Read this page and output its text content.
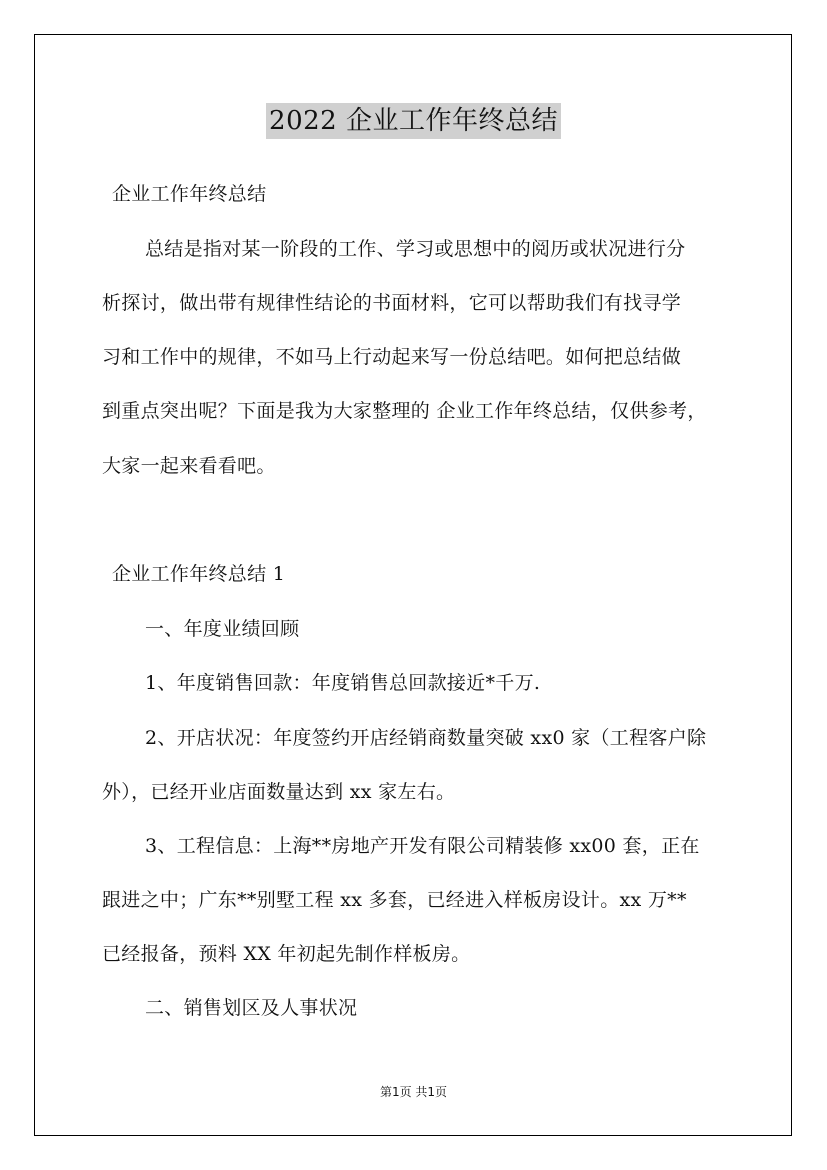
2022 企业工作年终总结
企业工作年终总结
总结是指对某一阶段的工作、学习或思想中的阅历或状况进行分
析探讨，做出带有规律性结论的书面材料，它可以帮助我们有找寻学
习和工作中的规律，不如马上行动起来写一份总结吧。如何把总结做
到重点突出呢？下面是我为大家整理的 企业工作年终总结，仅供参考，
大家一起来看看吧。
企业工作年终总结 1
一、年度业绩回顾
1、年度销售回款：年度销售总回款接近*千万.
2、开店状况：年度签约开店经销商数量突破 xx0 家（工程客户除
外），已经开业店面数量达到 xx 家左右。
3、工程信息：上海**房地产开发有限公司精装修 xx00 套，正在
跟进之中；广东**别墅工程 xx 多套，已经进入样板房设计。xx 万**
已经报备，预料 XX 年初起先制作样板房。
二、销售划区及人事状况
第1页 共1页
